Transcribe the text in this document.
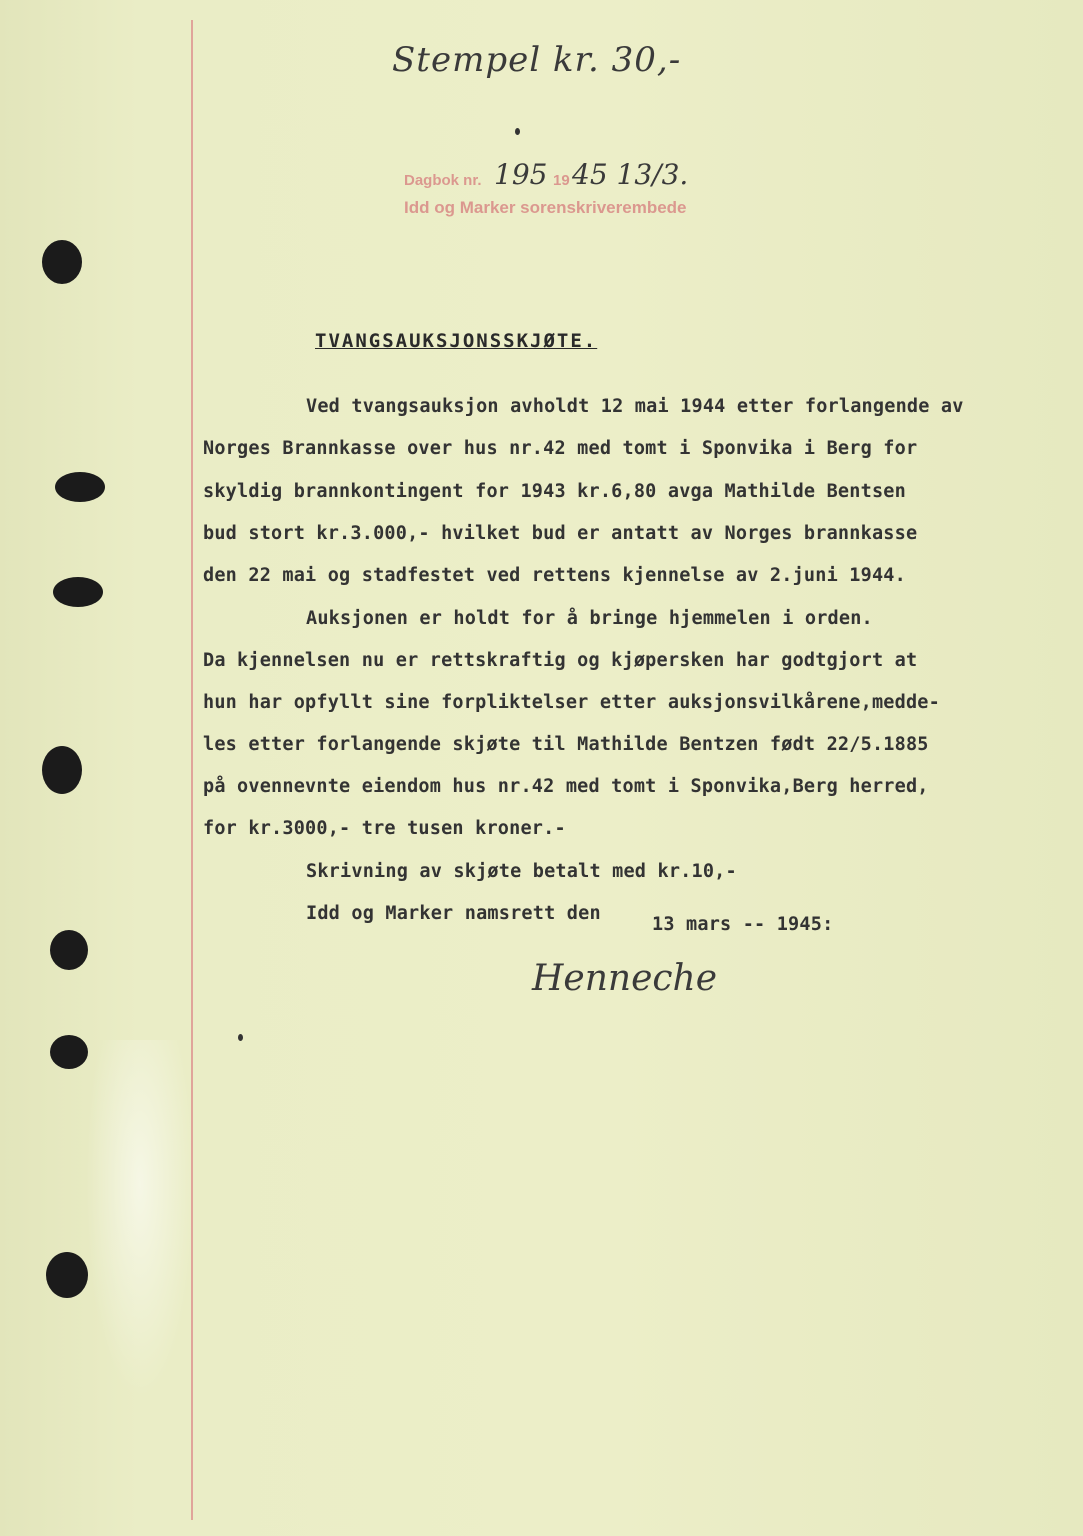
Stempel kr. 30,-
Dagbok nr. 195 19 45 13/3.
Idd og Marker sorenskriverembede
TVANGSAUKSJONSSKJØTE.
Ved tvangsauksjon avholdt 12 mai 1944 etter forlangende av
Norges Brannkasse over hus nr.42 med tomt i Sponvika i Berg for
skyldig brannkontingent for 1943 kr.6,80 avga Mathilde Bentsen
bud stort kr.3.000,- hvilket bud er antatt av Norges brannkasse
den 22 mai og stadfestet ved rettens kjennelse av 2.juni 1944.
Auksjonen er holdt for å bringe hjemmelen i orden.
Da kjennelsen nu er rettskraftig og kjøpersken har godtgjort at
hun har opfyllt sine forpliktelser etter auksjonsvilkårene,medde-
les etter forlangende skjøte til Mathilde Bentzen født 22/5.1885
på ovennevnte eiendom hus nr.42 med tomt i Sponvika,Berg herred,
for kr.3000,- tre tusen kroner.-
Skrivning av skjøte betalt med kr.10,-
Idd og Marker namsrett den
13 mars -- 1945:
Henneche
